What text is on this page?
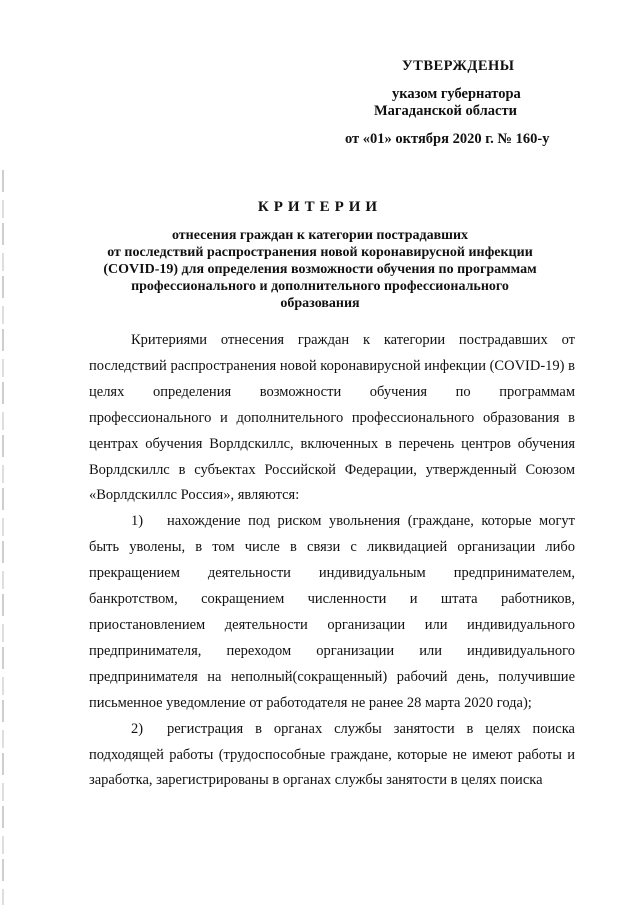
УТВЕРЖДЕНЫ
указом губернатора
Магаданской области
от «01» октября 2020 г. № 160-у
КРИТЕРИИ
отнесения граждан к категории пострадавших
от последствий распространения новой коронавирусной инфекции
(COVID-19) для определения возможности обучения по программам
профессионального и дополнительного профессионального
образования

Критериями отнесения граждан к категории пострадавших от последствий распространения новой коронавирусной инфекции (COVID-19) в целях определения возможности обучения по программам профессионального и дополнительного профессионального образования в центрах обучения Ворлдскиллс, включенных в перечень центров обучения Ворлдскиллс в субъектах Российской Федерации, утвержденный Союзом «Ворлдскиллс Россия», являются:

1) нахождение под риском увольнения (граждане, которые могут быть уволены, в том числе в связи с ликвидацией организации либо прекращением деятельности индивидуальным предпринимателем, банкротством, сокращением численности и штата работников, приостановлением деятельности организации или индивидуального предпринимателя, переходом организации или индивидуального предпринимателя на неполный(сокращенный) рабочий день, получившие письменное уведомление от работодателя не ранее 28 марта 2020 года);

2) регистрация в органах службы занятости в целях поиска подходящей работы (трудоспособные граждане, которые не имеют работы и заработка, зарегистрированы в органах службы занятости в целях поиска
